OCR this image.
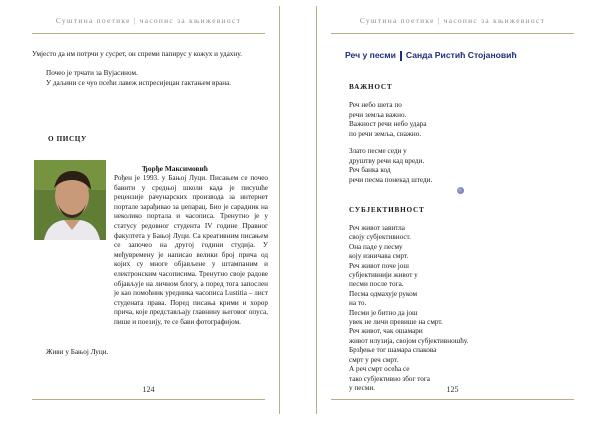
Суштина поетике | часопис за књижевност

Умјесто да им потрчи у сусрет, он спреми папирус у кожух и удахну.

Почео је трчати за Вујасином.

У даљини се чуо псећи лавеж испресијецан гактањем врана.

О ПИСЦУ
Ђорђе Максимовић

Рођен је 1993. у Бањој Луци. Писањем се почео бавити у средњој школи када је писушће рецензије рачунарских производа за интернет портале зарађивао за џепарац. Био је сарадник на неколико портала и часописа. Тренутно је у статусу редовног студента IV године Правног факултета у Бањој Луци. Са креативним писањем се започео на другој години студија. У међувремену је написао велики број прича од којих су многе објављене у штампаним и електронским часописима. Тренутно своје радове објављује на личном блогу, а поред тога запослен је као помоћник уредника часописа Lustitia – лист студената права. Поред писања крими и хорор прича, које представљају главнину његовог опуса, пише и поезију, те се бави фотографијом.

Живи у Бањој Луци.

124
Суштина поетике | часопис за књижевност
Реч у песми Санда Ристић Стојановић
ВАЖНОСТ
Реч небо шета по
речи земља важно.
Важност речи небо удара
по речи земља, снажно.
Злато песме седи у
друштву речи кад вреди.
Реч банка код
речи песма понекад штеди.
СУБЈЕКТИВНОСТ
Реч живот завитла
своју субјективност.
Она паде у песму
коју изничава смрт.
Реч живот поче још
субјективнији живот у
песми после тога.
Песма одмахује руком
на то.
Песми је битно да још
увек не личи превише на смрт.
Реч живот, чак ошамари
живот илузија, својом субјективношћу.
Брзђење тог шамара спакова
смрт у реч смрт.
А реч смрт осећа се
тако субјективно због тога
у песми.	125
